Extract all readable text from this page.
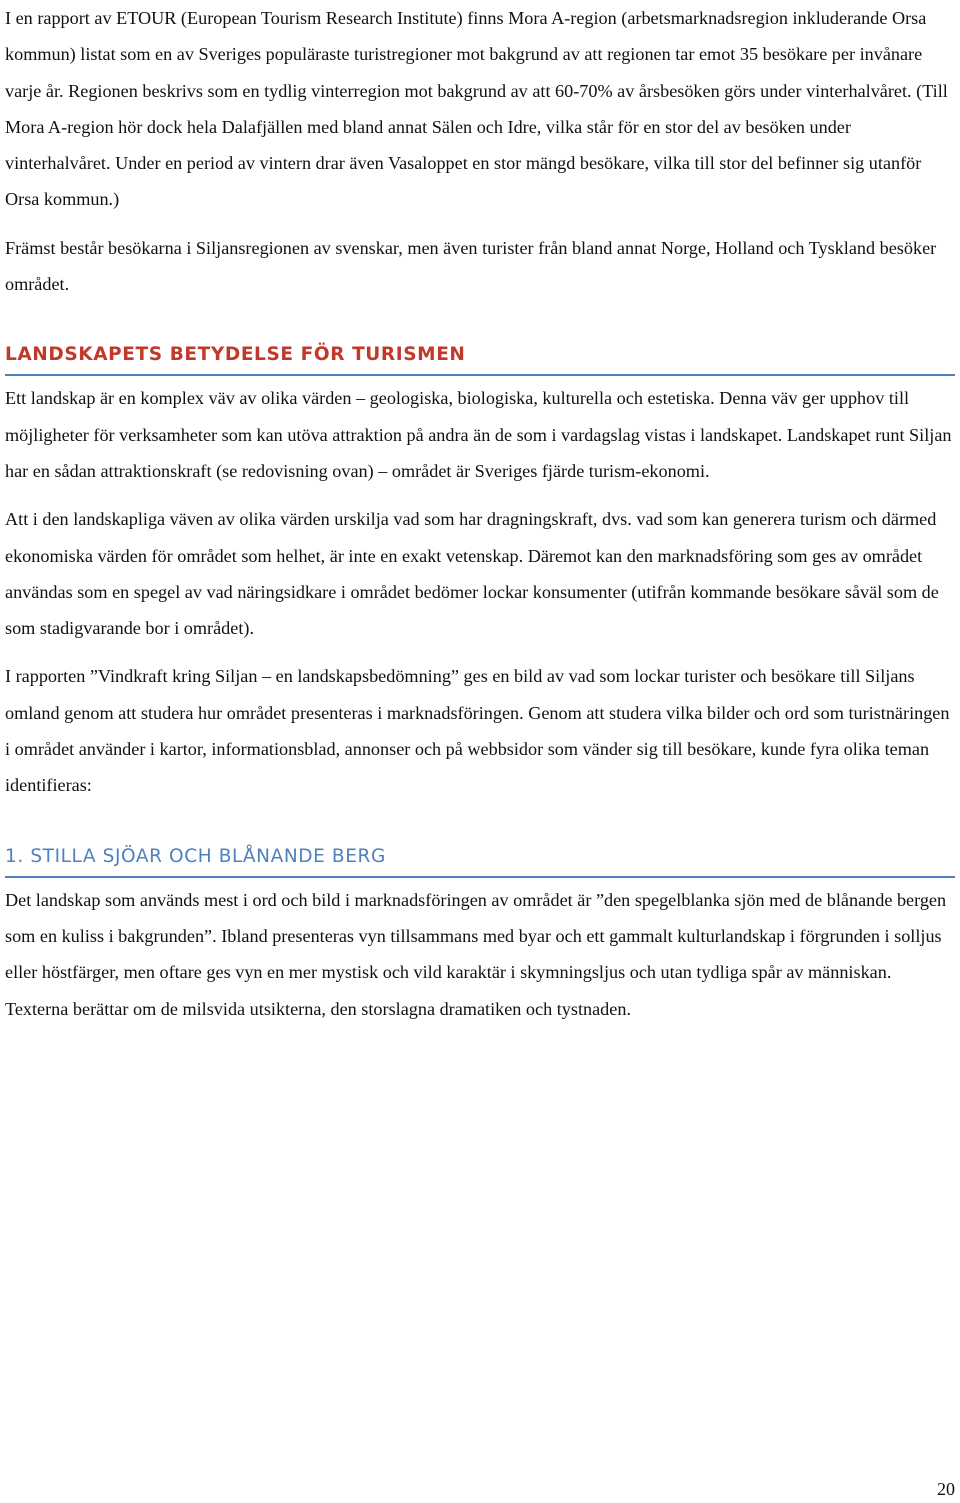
I en rapport av ETOUR (European Tourism Research Institute) finns Mora A-region (arbetsmarknadsregion inkluderande Orsa kommun) listat som en av Sveriges populäraste turistregioner mot bakgrund av att regionen tar emot 35 besökare per invånare varje år. Regionen beskrivs som en tydlig vinterregion mot bakgrund av att 60-70% av årsbesöken görs under vinterhalvåret. (Till Mora A-region hör dock hela Dalafjällen med bland annat Sälen och Idre, vilka står för en stor del av besöken under vinterhalvåret. Under en period av vintern drar även Vasaloppet en stor mängd besökare, vilka till stor del befinner sig utanför Orsa kommun.)

Främst består besökarna i Siljansregionen av svenskar, men även turister från bland annat Norge, Holland och Tyskland besöker området.

LANDSKAPETS BETYDELSE FÖR TURISMEN

Ett landskap är en komplex väv av olika värden – geologiska, biologiska, kulturella och estetiska. Denna väv ger upphov till möjligheter för verksamheter som kan utöva attraktion på andra än de som i vardagslag vistas i landskapet. Landskapet runt Siljan har en sådan attraktionskraft (se redovisning ovan) – området är Sveriges fjärde turism-ekonomi.

Att i den landskapliga väven av olika värden urskilja vad som har dragningskraft, dvs. vad som kan generera turism och därmed ekonomiska värden för området som helhet, är inte en exakt vetenskap. Däremot kan den marknadsföring som ges av området användas som en spegel av vad näringsidkare i området bedömer lockar konsumenter (utifrån kommande besökare såväl som de som stadigvarande bor i området).

I rapporten ”Vindkraft kring Siljan – en landskapsbedömning” ges en bild av vad som lockar turister och besökare till Siljans omland genom att studera hur området presenteras i marknadsföringen. Genom att studera vilka bilder och ord som turistnäringen i området använder i kartor, informationsblad, annonser och på webbsidor som vänder sig till besökare, kunde fyra olika teman identifieras:

1. STILLA SJÖAR OCH BLÅNANDE BERG

Det landskap som används mest i ord och bild i marknadsföringen av området är ”den spegelblanka sjön med de blånande bergen som en kuliss i bakgrunden”. Ibland presenteras vyn tillsammans med byar och ett gammalt kulturlandskap i förgrunden i solljus eller höstfärger, men oftare ges vyn en mer mystisk och vild karaktär i skymningsljus och utan tydliga spår av människan. Texterna berättar om de milsvida utsikterna, den storslagna dramatiken och tystnaden.

20
